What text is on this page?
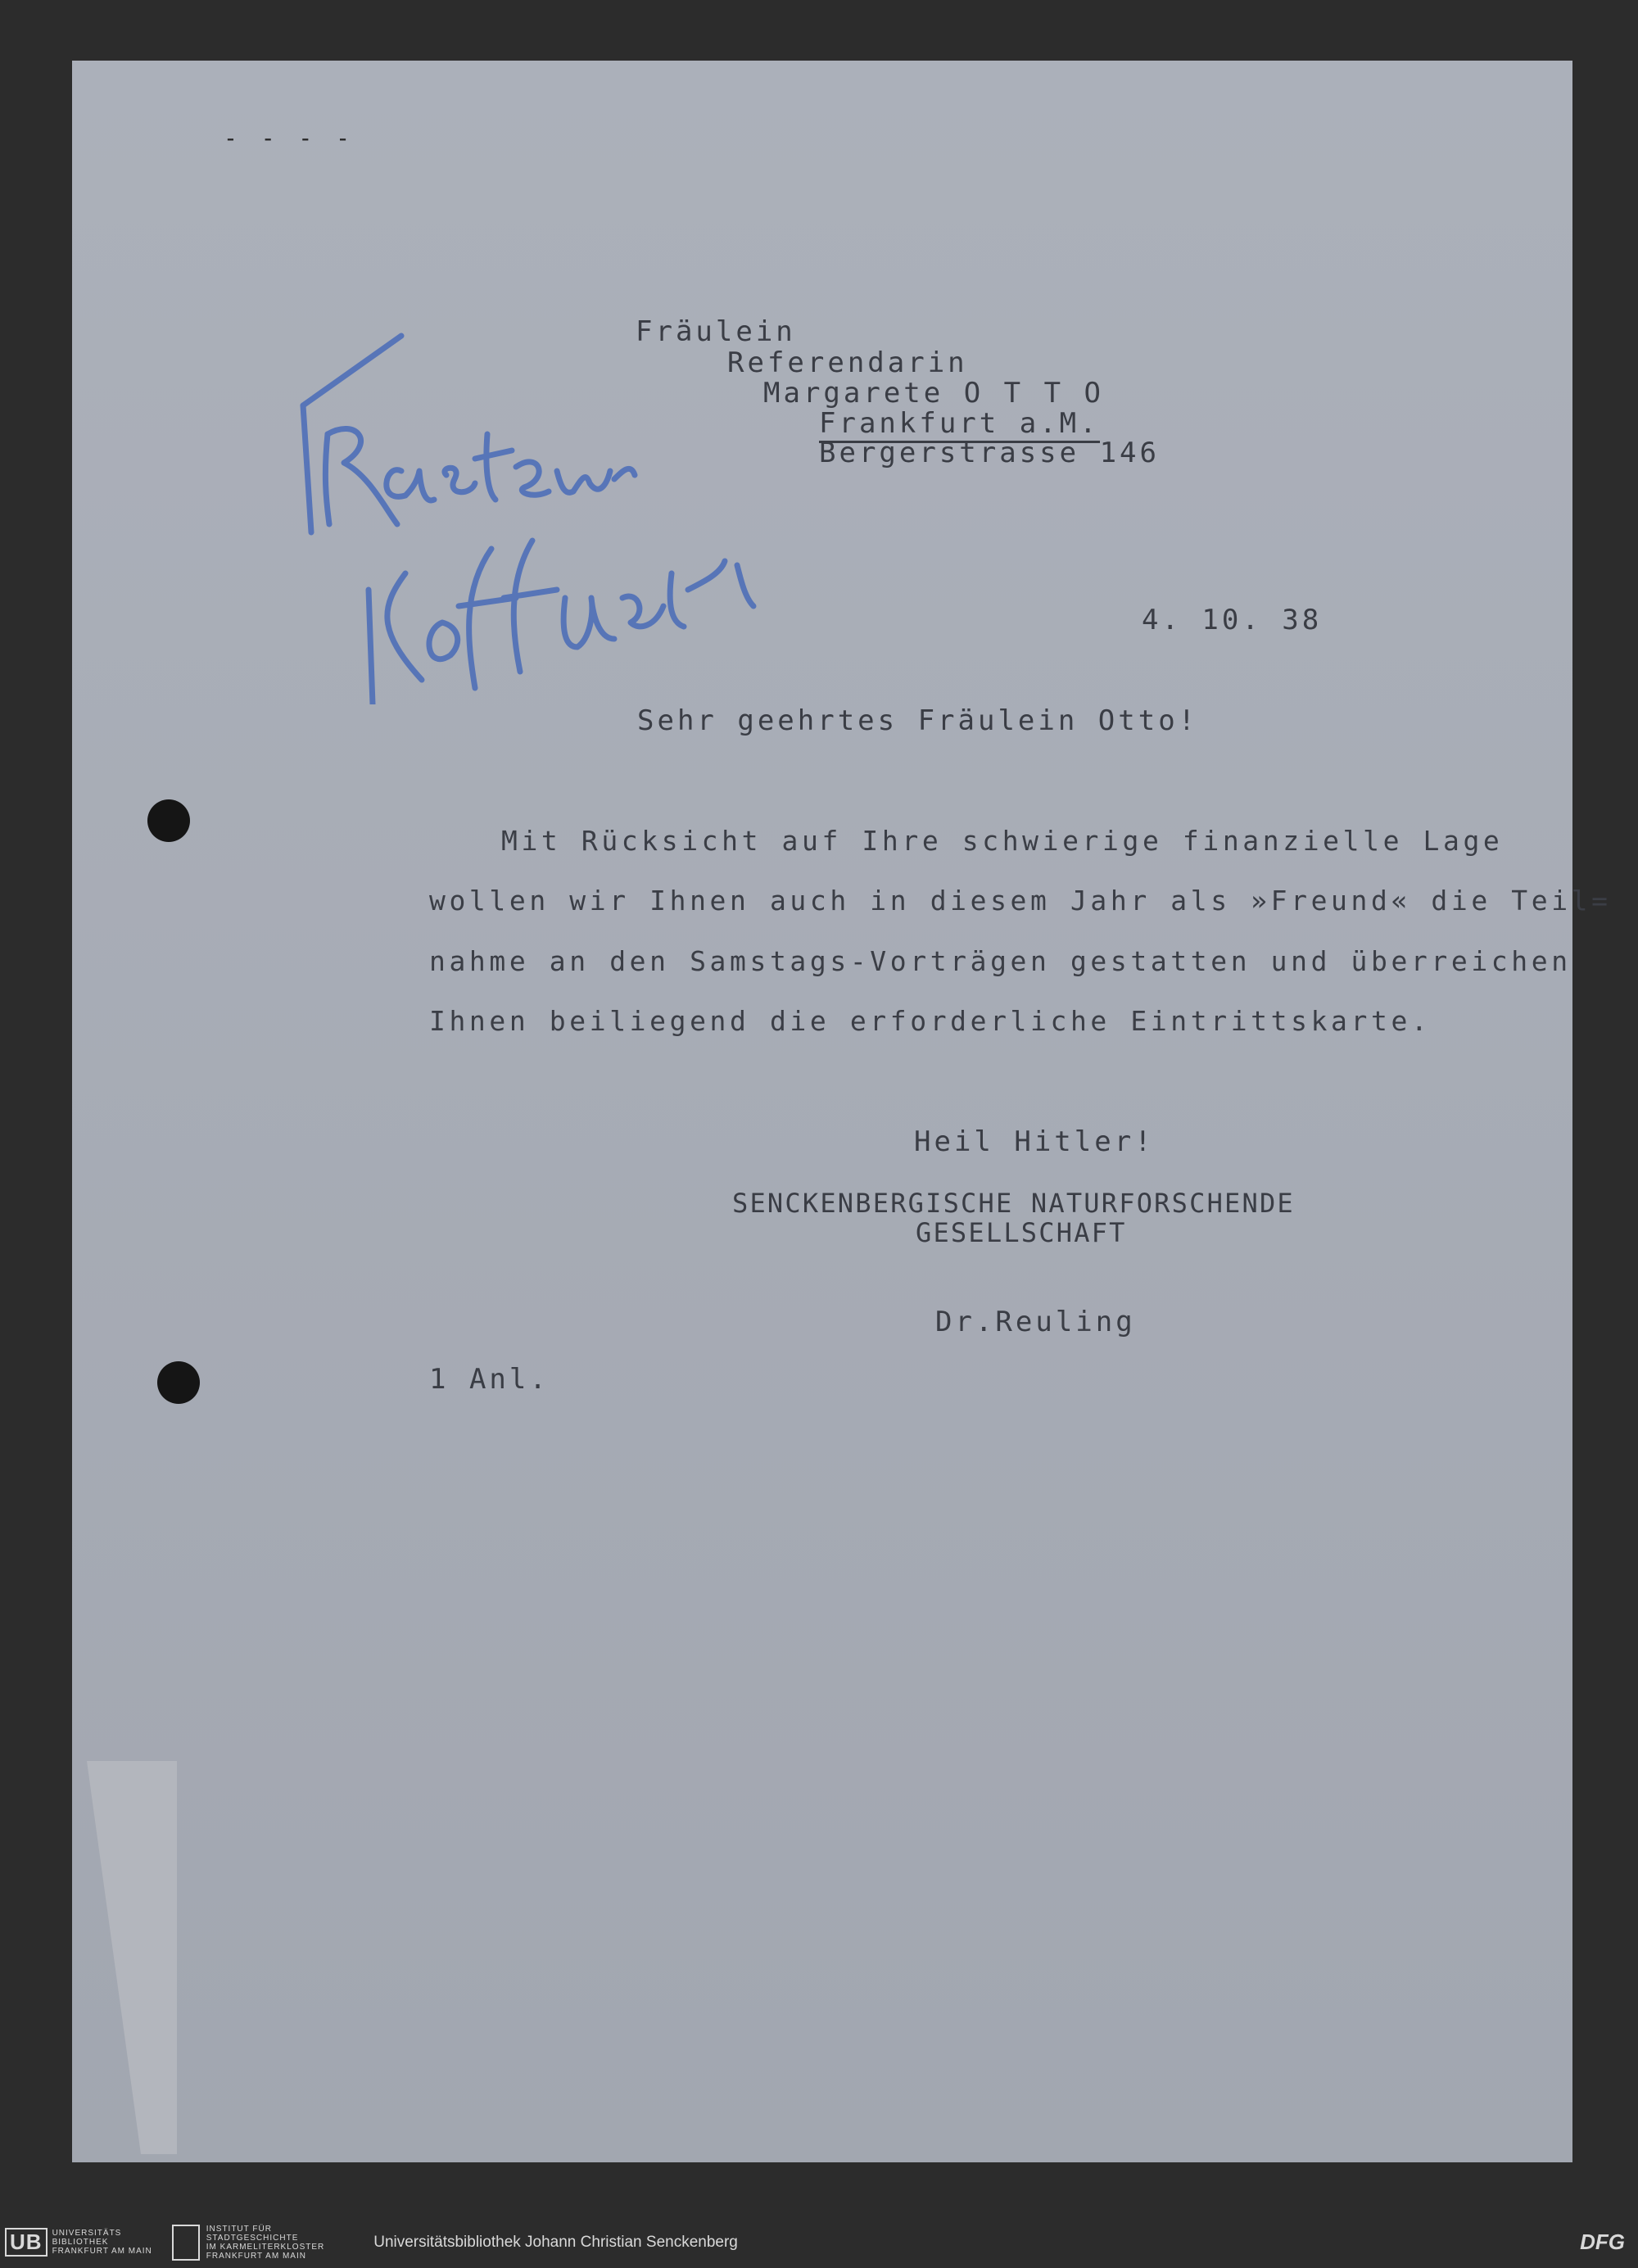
- - - -
Fräulein
Referendarin
Margarete O T T O
Frankfurt a.M.
Bergerstrasse 146
4. 10. 38
Sehr geehrtes Fräulein Otto!
Mit Rücksicht auf Ihre schwierige finanzielle Lage
wollen wir Ihnen auch in diesem Jahr als »Freund« die Teil=
nahme an den Samstags-Vorträgen gestatten und überreichen
Ihnen beiliegend die erforderliche Eintrittskarte.
Heil Hitler!
SENCKENBERGISCHE NATURFORSCHENDE
GESELLSCHAFT
Dr.Reuling
1 Anl.
UB	UNIVERSITÄTS
BIBLIOTHEK
FRANKFURT AM MAIN
INSTITUT FÜR
STADTGESCHICHTE
IM KARMELITERKLOSTER
FRANKFURT AM MAIN
Universitätsbibliothek Johann Christian Senckenberg	DFG
